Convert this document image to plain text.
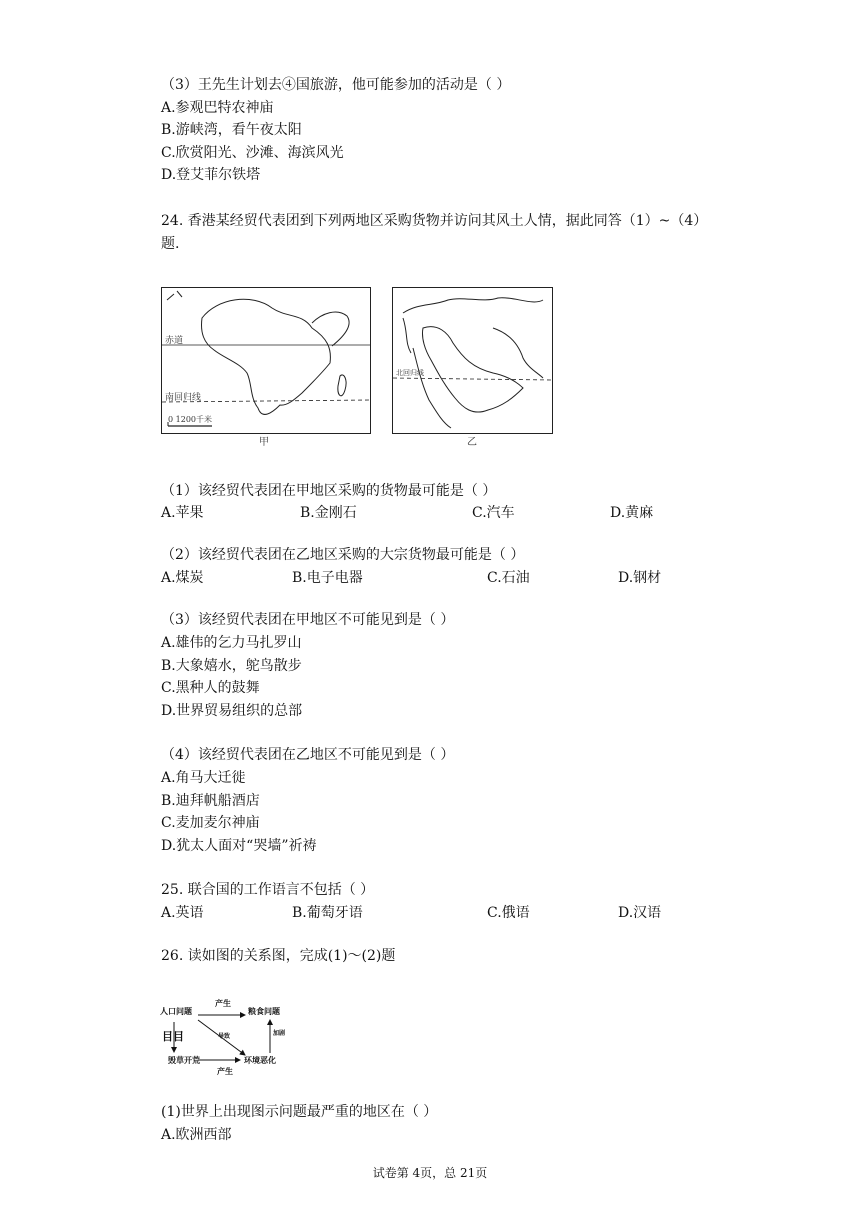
（3）王先生计划去④国旅游，他可能参加的活动是（ ）
A.参观巴特农神庙
B.游峡湾，看午夜太阳
C.欣赏阳光、沙滩、海滨风光
D.登艾菲尔铁塔
24. 香港某经贸代表团到下列两地区采购货物并访问其风土人情，据此同答（1）~（4）
题.
赤道
南回归线
0 1200千米
甲
北回归线
乙
（1）该经贸代表团在甲地区采购的货物最可能是（ ）
A.苹果	B.金刚石	C.汽车	D.黄麻
（2）该经贸代表团在乙地区采购的大宗货物最可能是（ ）
A.煤炭	B.电子电器	C.石油	D.钢材
（3）该经贸代表团在甲地区不可能见到是（ ）
A.雄伟的乞力马扎罗山
B.大象嬉水，鸵鸟散步
C.黑种人的鼓舞
D.世界贸易组织的总部
（4）该经贸代表团在乙地区不可能见到是（ ）
A.角马大迁徙
B.迪拜帆船酒店
C.麦加麦尔神庙
D.犹太人面对“哭墙”祈祷
25. 联合国的工作语言不包括（ ）
A.英语	B.葡萄牙语	C.俄语	D.汉语
26. 读如图的关系图，完成(1)～(2)题
人口问题	粮食问题
毁草开荒	环境恶化
产生
产生
导致	加剧
目目
(1)世界上出现图示问题最严重的地区在（ ）
A.欧洲西部
试卷第 4页，总 21页
